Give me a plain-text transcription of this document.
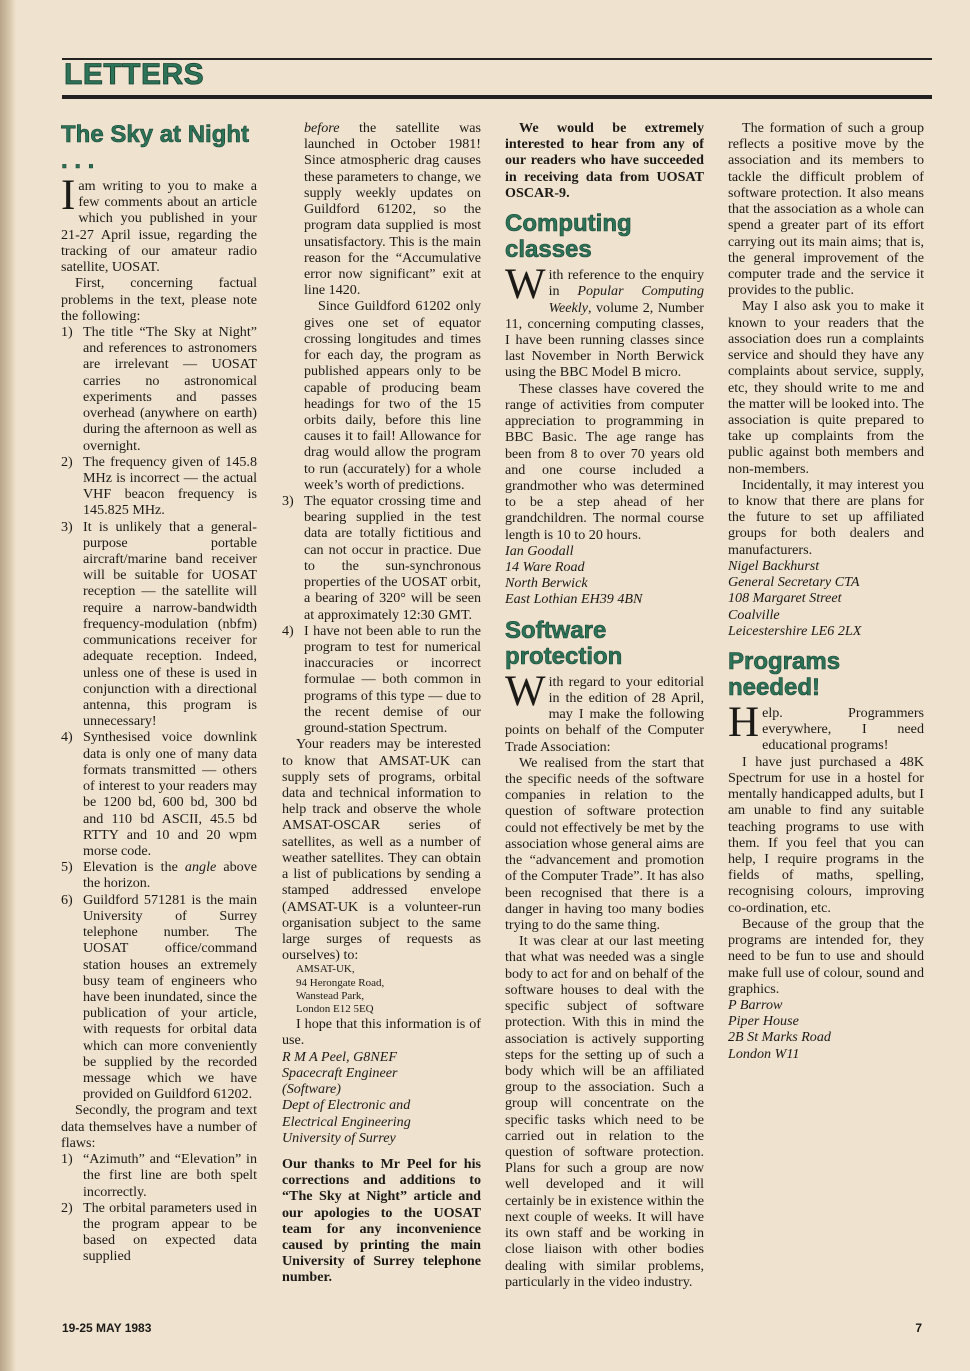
LETTERS
The Sky at Night . . .

I am writing to you to make a few comments about an article which you published in your 21-27 April issue, regarding the tracking of our amateur radio satellite, UOSAT.

First, concerning factual problems in the text, please note the following:

1 )	The title “The Sky at Night” and references to astronomers are irrelevant — UOSAT carries no astronomical experiments and passes overhead (anywhere on earth) during the afternoon as well as overnight.
2 )	The frequency given of 145.8 MHz is incorrect — the actual VHF beacon frequency is 145.825 MHz.
3 )	It is unlikely that a general-purpose portable aircraft/marine band receiver will be suitable for UOSAT reception — the satellite will require a narrow-bandwidth frequency-modulation (nbfm) communications receiver for adequate reception. Indeed, unless one of these is used in conjunction with a directional antenna, this program is unnecessary!
4 )	Synthesised voice downlink data is only one of many data formats transmitted — others of interest to your readers may be 1200 bd, 600 bd, 300 bd and 110 bd ASCII, 45.5 bd RTTY and 10 and 20 wpm morse code.
5 )	Elevation is the angle above the horizon.
6 )	Guildford 571281 is the main University of Surrey telephone number. The UOSAT office/command station houses an extremely busy team of engineers who have been inundated, since the publication of your article, with requests for orbital data which can more conveniently be supplied by the recorded message which we have provided on Guildford 61202.

Secondly, the program and text data themselves have a number of flaws:

1 )	“Azimuth” and “Elevation” in the first line are both spelt incorrectly.
2 )	The orbital parameters used in the program appear to be based on expected data supplied
before the satellite was launched in October 1981! Since atmospheric drag causes these parameters to change, we supply weekly updates on Guildford 61202, so the program data supplied is most unsatisfactory. This is the main reason for the “Accumulative error now significant” exit at line 1420.
Since Guildford 61202 only gives one set of equator crossing longitudes and times for each day, the program as published appears only to be capable of producing beam headings for two of the 15 orbits daily, before this line causes it to fail! Allowance for drag would allow the program to run (accurately) for a whole week’s worth of predictions.
3 )	The equator crossing time and bearing supplied in the test data are totally fictitious and can not occur in practice. Due to the sun-synchronous properties of the UOSAT orbit, a bearing of 320° will be seen at approximately 12:30 GMT.
4 )	I have not been able to run the program to test for numerical inaccuracies or incorrect formulae — both common in programs of this type — due to the recent demise of our ground-station Spectrum.

Your readers may be interested to know that AMSAT-UK can supply sets of programs, orbital data and technical information to help track and observe the whole AMSAT-OSCAR series of satellites, as well as a number of weather satellites. They can obtain a list of publications by sending a stamped addressed envelope (AMSAT-UK is a volunteer-run organisation subject to the same large surges of requests as ourselves) to:

AMSAT-UK,

94 Herongate Road,

Wanstead Park,

London E12 5EQ

I hope that this information is of use.

R M A Peel, G8NEF

Spacecraft Engineer

(Software)

Dept of Electronic and

Electrical Engineering

University of Surrey

Our thanks to Mr Peel for his corrections and additions to “The Sky at Night” article and our apologies to the UOSAT team for any inconvenience caused by printing the main University of Surrey telephone number.

We would be extremely interested to hear from any of our readers who have succeeded in receiving data from UOSAT OSCAR-9.

Computing classes

With reference to the enquiry in Popular Computing Weekly, volume 2, Number 11, concerning computing classes, I have been running classes since last November in North Berwick using the BBC Model B micro.

These classes have covered the range of activities from computer appreciation to programming in BBC Basic. The age range has been from 8 to over 70 years old and one course included a grandmother who was determined to be a step ahead of her grandchildren. The normal course length is 10 to 20 hours.

Ian Goodall

14 Ware Road

North Berwick

East Lothian EH39 4BN

Software protection

With regard to your editorial in the edition of 28 April, may I make the following points on behalf of the Computer Trade Association:

We realised from the start that the specific needs of the software companies in relation to the question of software protection could not effectively be met by the association whose general aims are the “advancement and promotion of the Computer Trade”. It has also been recognised that there is a danger in having too many bodies trying to do the same thing.

It was clear at our last meeting that what was needed was a single body to act for and on behalf of the software houses to deal with the specific subject of software protection. With this in mind the association is actively supporting steps for the setting up of such a body which will be an affiliated group to the association. Such a group will concentrate on the specific tasks which need to be carried out in relation to the question of software protection. Plans for such a group are now well developed and it will certainly be in existence within the next couple of weeks. It will have its own staff and be working in close liaison with other bodies dealing with similar problems, particularly in the video industry.

The formation of such a group reflects a positive move by the association and its members to tackle the difficult problem of software protection. It also means that the association as a whole can spend a greater part of its effort carrying out its main aims; that is, the general improvement of the computer trade and the service it provides to the public.

May I also ask you to make it known to your readers that the association does run a complaints service and should they have any complaints about service, supply, etc, they should write to me and the matter will be looked into. The association is quite prepared to take up complaints from the public against both members and non-members.

Incidentally, it may interest you to know that there are plans for the future to set up affiliated groups for both dealers and manufacturers.

Nigel Backhurst

General Secretary CTA

108 Margaret Street

Coalville

Leicestershire LE6 2LX

Programs needed!

Help. Programmers everywhere, I need educational programs!

I have just purchased a 48K Spectrum for use in a hostel for mentally handicapped adults, but I am unable to find any suitable teaching programs to use with them. If you feel that you can help, I require programs in the fields of maths, spelling, recognising colours, improving co-ordination, etc.

Because of the group that the programs are intended for, they need to be fun to use and should make full use of colour, sound and graphics.

P Barrow

Piper House

2B St Marks Road

London W11

19-25 MAY 1983	7
